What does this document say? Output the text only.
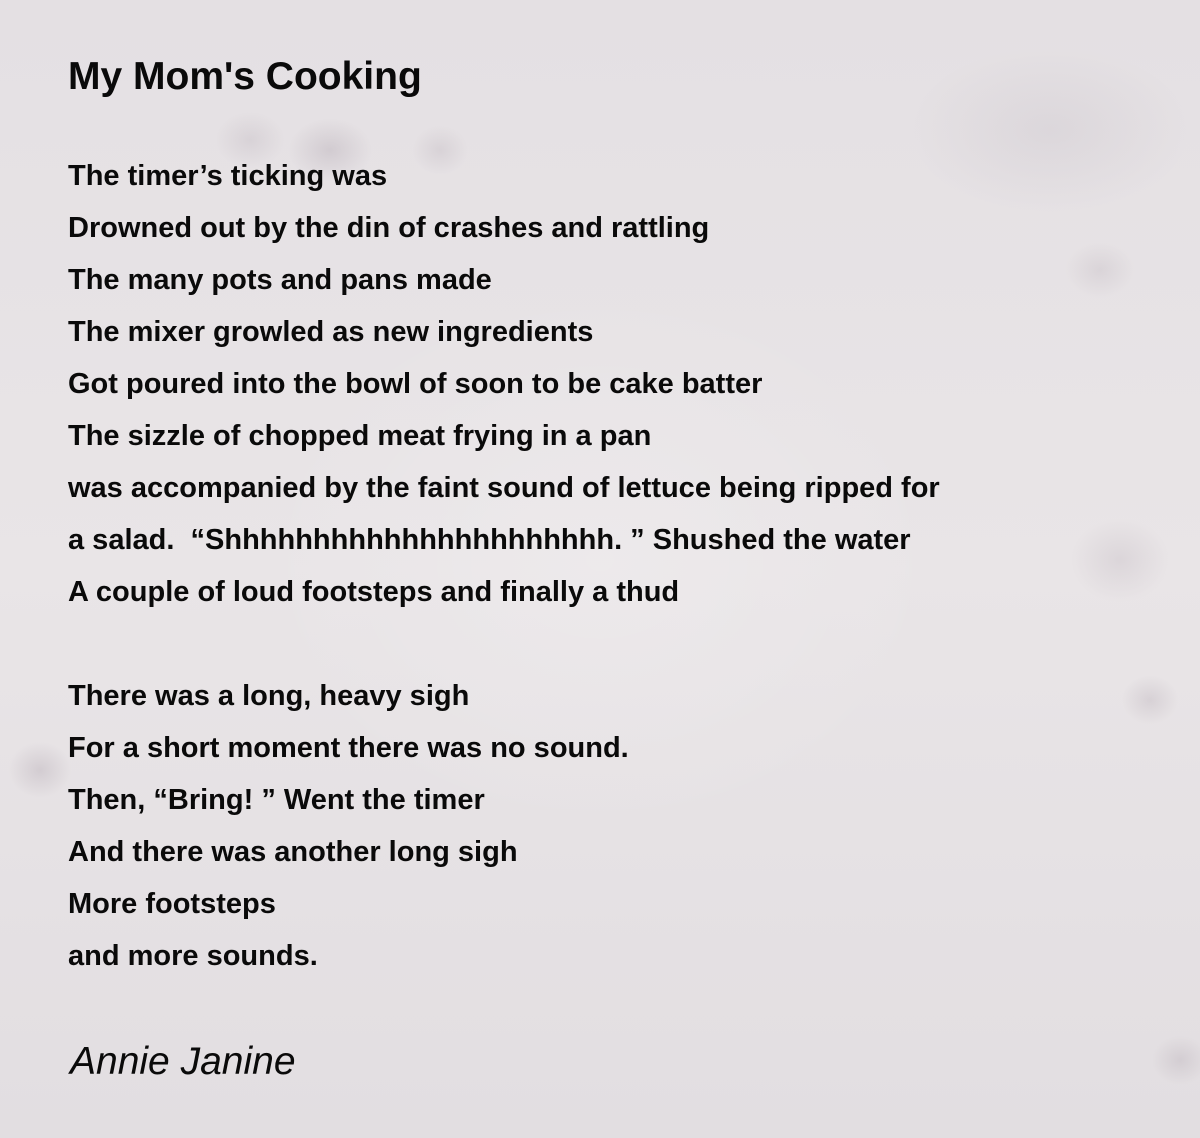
My Mom's Cooking
The timer’s ticking was
Drowned out by the din of crashes and rattling
The many pots and pans made
The mixer growled as new ingredients
Got poured into the bowl of soon to be cake batter
The sizzle of chopped meat frying in a pan
was accompanied by the faint sound of lettuce being ripped for
a salad.  “Shhhhhhhhhhhhhhhhhhhhhh. ” Shushed the water
A couple of loud footsteps and finally a thud
There was a long, heavy sigh
For a short moment there was no sound.
Then, “Bring! ” Went the timer
And there was another long sigh
More footsteps
and more sounds.

Annie Janine
